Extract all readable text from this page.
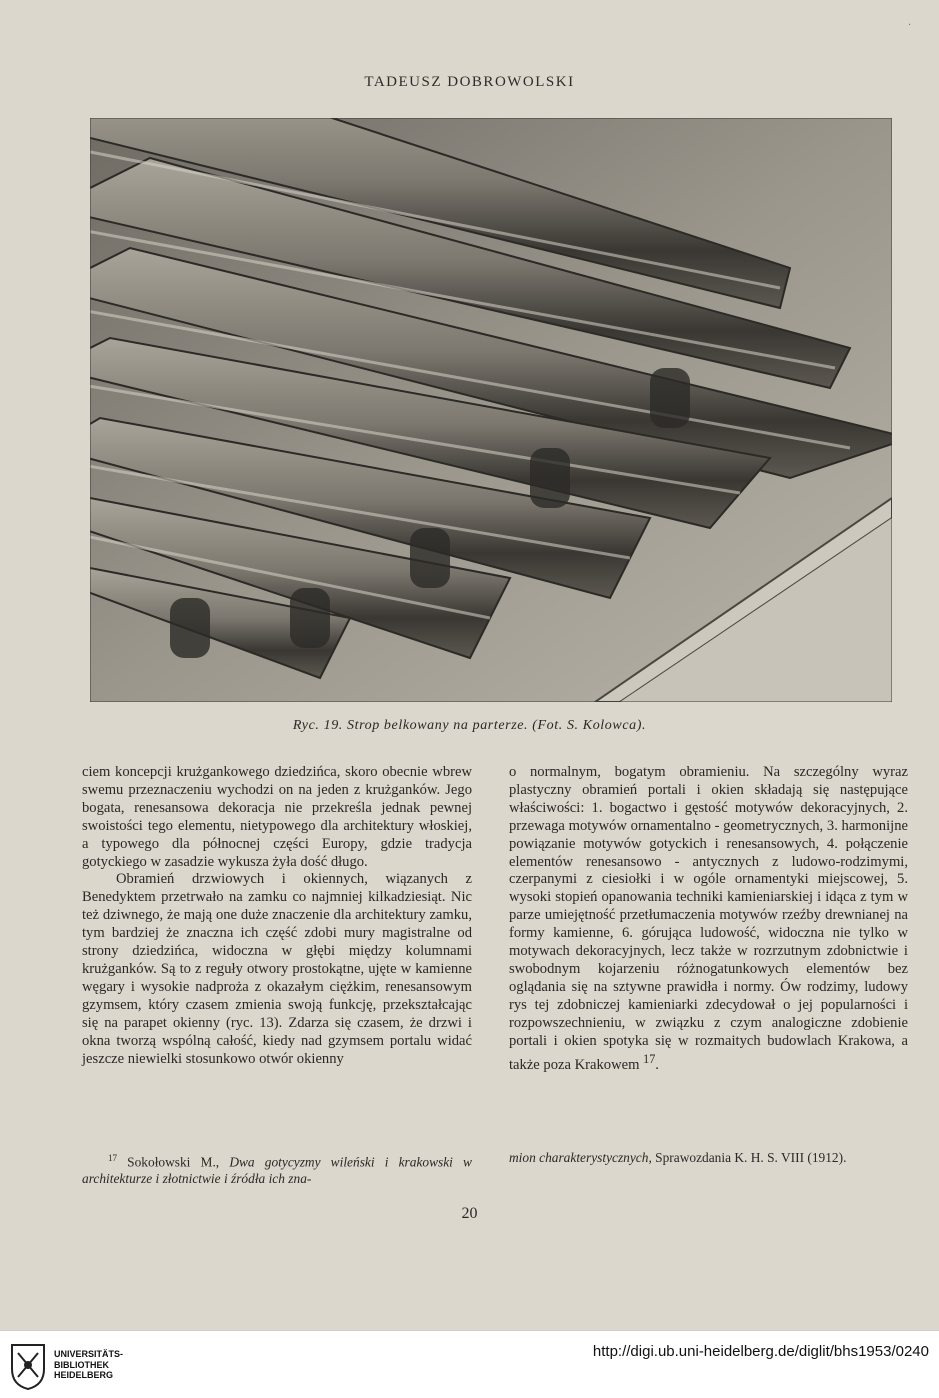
·
TADEUSZ DOBROWOLSKI
Ryc. 19. Strop belkowany na parterze. (Fot. S. Kolowca).

ciem koncepcji krużgankowego dziedzińca, skoro obecnie wbrew swemu przeznaczeniu wychodzi on na jeden z krużganków. Jego bogata, renesansowa dekoracja nie przekreśla jednak pewnej swoistości tego elementu, nietypowego dla architektury włoskiej, a typowego dla północnej części Europy, gdzie tradycja gotyckiego w zasadzie wykusza żyła dość długo.

Obramień drzwiowych i okiennych, wiązanych z Benedyktem przetrwało na zamku co najmniej kilkadziesiąt. Nic też dziwnego, że mają one duże znaczenie dla architektury zamku, tym bardziej że znaczna ich część zdobi mury magistralne od strony dziedzińca, widoczna w głębi między kolumnami krużganków. Są to z reguły otwory prostokątne, ujęte w kamienne węgary i wysokie nadproża z okazałym ciężkim, renesansowym gzymsem, który czasem zmienia swoją funkcję, przekształcając się na parapet okienny (ryc. 13). Zdarza się czasem, że drzwi i okna tworzą wspólną całość, kiedy nad gzymsem portalu widać jeszcze niewielki stosunkowo otwór okienny

o normalnym, bogatym obramieniu. Na szczególny wyraz plastyczny obramień portali i okien składają się następujące właściwości: 1. bogactwo i gęstość motywów dekoracyjnych, 2. przewaga motywów ornamentalno - geometrycznych, 3. harmonijne powiązanie motywów gotyckich i renesansowych, 4. połączenie elementów renesansowo - antycznych z ludowo-rodzimymi, czerpanymi z ciesiołki i w ogóle ornamentyki miejscowej, 5. wysoki stopień opanowania techniki kamieniarskiej i idąca z tym w parze umiejętność przetłumaczenia motywów rzeźby drewnianej na formy kamienne, 6. górująca ludowość, widoczna nie tylko w motywach dekoracyjnych, lecz także w rozrzutnym zdobnictwie i swobodnym kojarzeniu różnogatunkowych elementów bez oglądania się na sztywne prawidła i normy. Ów rodzimy, ludowy rys tej zdobniczej kamieniarki zdecydował o jej popularności i rozpowszechnieniu, w związku z czym analogiczne zdobienie portali i okien spotyka się w rozmaitych budowlach Krakowa, a także poza Krakowem $^{17}$.

$^{17}$ Sokołowski M., Dwa gotycyzmy wileński i krakowski w architekturze i złotnictwie i źródła ich zna-
mion charakterystycznych, Sprawozdania K. H. S. VIII (1912).
20
UNIVERSITÄTS-
BIBLIOTHEK
HEIDELBERG
http://digi.ub.uni-heidelberg.de/diglit/bhs1953/0240
